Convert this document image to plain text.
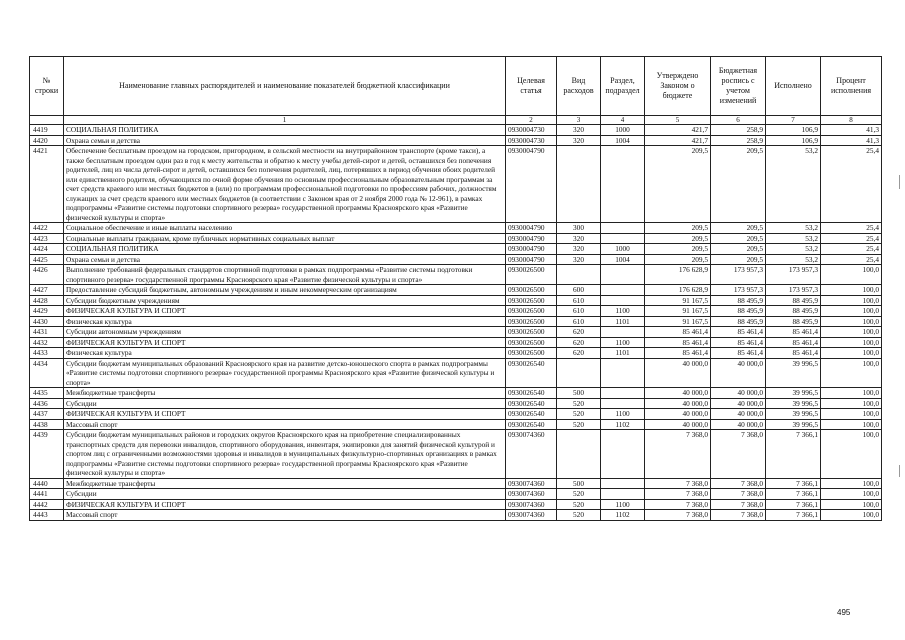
№ строки	Наименование главных распорядителей и наименование показателей бюджетной классификации	Целевая статья	Вид расходов	Раздел, подраздел	Утверждено Законом о бюджете	Бюджетная роспись с учетом изменений	Исполнено	Процент исполнения
	1	2	3	4	5	6	7	8
4419	СОЦИАЛЬНАЯ ПОЛИТИКА	0930004730	320	1000	421,7	258,9	106,9	41,3
4420	Охрана семьи и детства	0930004730	320	1004	421,7	258,9	106,9	41,3
4421	Обеспечение бесплатным проездом на городском, пригородном, в сельской местности на внутрирайонном транспорте (кроме такси), а также бесплатным проездом один раз в год к месту жительства и обратно к месту учебы детей-сирот и детей, оставшихся без попечения родителей, лиц из числа детей-сирот и детей, оставшихся без попечения родителей, лиц, потерявших в период обучения обоих родителей или единственного родителя, обучающихся по очной форме обучения по основным профессиональным образовательным программам за счет средств краевого или местных бюджетов в (или) по программам профессиональной подготовки по профессиям рабочих, должностям служащих за счет средств краевого или местных бюджетов (в соответствии с Законом края от 2 ноября 2000 года № 12-961), в рамках подпрограммы «Развитие системы подготовки спортивного резерва» государственной программы Красноярского края «Развитие физической культуры и спорта»	0930004790			209,5	209,5	53,2	25,4
4422	Социальное обеспечение и иные выплаты населению	0930004790	300		209,5	209,5	53,2	25,4
4423	Социальные выплаты гражданам, кроме публичных нормативных социальных выплат	0930004790	320		209,5	209,5	53,2	25,4
4424	СОЦИАЛЬНАЯ ПОЛИТИКА	0930004790	320	1000	209,5	209,5	53,2	25,4
4425	Охрана семьи и детства	0930004790	320	1004	209,5	209,5	53,2	25,4
4426	Выполнение требований федеральных стандартов спортивной подготовки в рамках подпрограммы «Развитие системы подготовки спортивного резерва» государственной программы Красноярского края «Развитие физической культуры и спорта»	0930026500			176 628,9	173 957,3	173 957,3	100,0
4427	Предоставление субсидий бюджетным, автономным учреждениям и иным некоммерческим организациям	0930026500	600		176 628,9	173 957,3	173 957,3	100,0
4428	Субсидии бюджетным учреждениям	0930026500	610		91 167,5	88 495,9	88 495,9	100,0
4429	ФИЗИЧЕСКАЯ КУЛЬТУРА И СПОРТ	0930026500	610	1100	91 167,5	88 495,9	88 495,9	100,0
4430	Физическая культура	0930026500	610	1101	91 167,5	88 495,9	88 495,9	100,0
4431	Субсидии автономным учреждениям	0930026500	620		85 461,4	85 461,4	85 461,4	100,0
4432	ФИЗИЧЕСКАЯ КУЛЬТУРА И СПОРТ	0930026500	620	1100	85 461,4	85 461,4	85 461,4	100,0
4433	Физическая культура	0930026500	620	1101	85 461,4	85 461,4	85 461,4	100,0
4434	Субсидии бюджетам муниципальных образований Красноярского края на развитие детско-юношеского спорта в рамках подпрограммы «Развитие системы подготовки спортивного резерва» государственной программы Красноярского края «Развитие физической культуры и спорта»	0930026540			40 000,0	40 000,0	39 996,5	100,0
4435	Межбюджетные трансферты	0930026540	500		40 000,0	40 000,0	39 996,5	100,0
4436	Субсидии	0930026540	520		40 000,0	40 000,0	39 996,5	100,0
4437	ФИЗИЧЕСКАЯ КУЛЬТУРА И СПОРТ	0930026540	520	1100	40 000,0	40 000,0	39 996,5	100,0
4438	Массовый спорт	0930026540	520	1102	40 000,0	40 000,0	39 996,5	100,0
4439	Субсидии бюджетам муниципальных районов и городских округов Красноярского края на приобретение специализированных транспортных средств для перевозки инвалидов, спортивного оборудования, инвентаря, экипировки для занятий физической культурой и спортом лиц с ограниченными возможностями здоровья и инвалидов в муниципальных физкультурно-спортивных организациях в рамках подпрограммы «Развитие системы подготовки спортивного резерва» государственной программы Красноярского края «Развитие физической культуры и спорта»	0930074360			7 368,0	7 368,0	7 366,1	100,0
4440	Межбюджетные трансферты	0930074360	500		7 368,0	7 368,0	7 366,1	100,0
4441	Субсидии	0930074360	520		7 368,0	7 368,0	7 366,1	100,0
4442	ФИЗИЧЕСКАЯ КУЛЬТУРА И СПОРТ	0930074360	520	1100	7 368,0	7 368,0	7 366,1	100,0
4443	Массовый спорт	0930074360	520	1102	7 368,0	7 368,0	7 366,1	100,0
495
